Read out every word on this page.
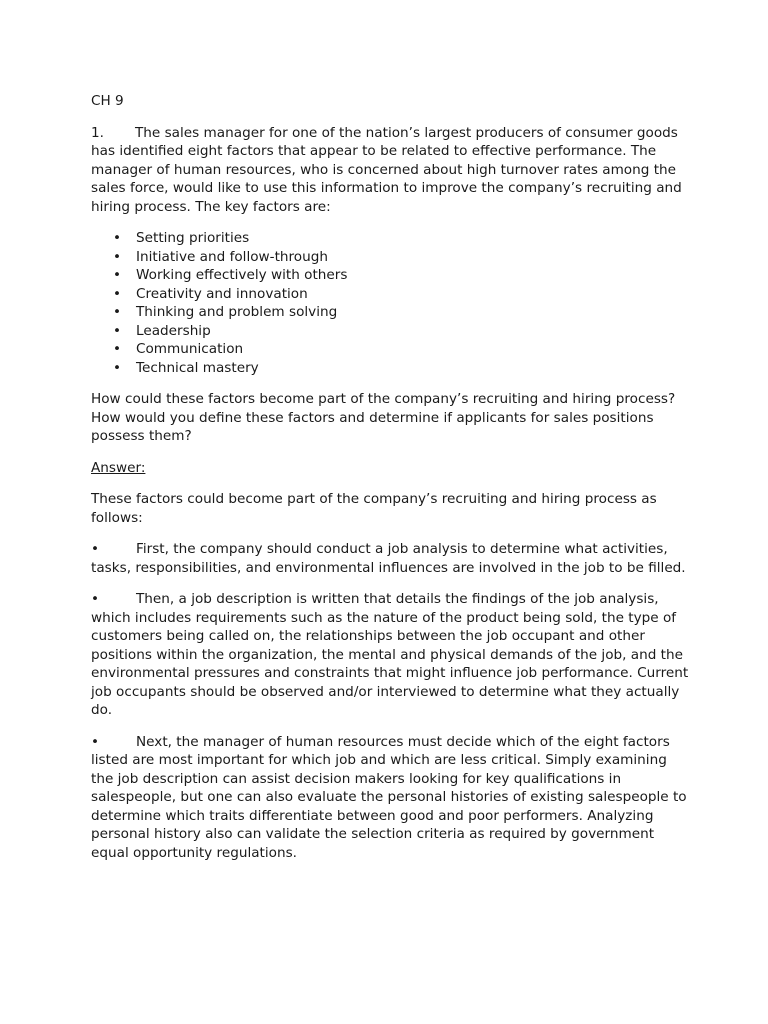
CH 9

1. The sales manager for one of the nation’s largest producers of consumer goods has identified eight factors that appear to be related to effective performance. The manager of human resources, who is concerned about high turnover rates among the sales force, would like to use this information to improve the company’s recruiting and hiring process. The key factors are:

• Setting priorities
• Initiative and follow-through
• Working effectively with others
• Creativity and innovation
• Thinking and problem solving
• Leadership
• Communication
• Technical mastery

How could these factors become part of the company’s recruiting and hiring process? How would you define these factors and determine if applicants for sales positions possess them?

Answer:

These factors could become part of the company’s recruiting and hiring process as follows:

•	First, the company should conduct a job analysis to determine what activities, tasks, responsibilities, and environmental influences are involved in the job to be filled.

•	Then, a job description is written that details the findings of the job analysis, which includes requirements such as the nature of the product being sold, the type of customers being called on, the relationships between the job occupant and other positions within the organization, the mental and physical demands of the job, and the environmental pressures and constraints that might influence job performance. Current job occupants should be observed and/or interviewed to determine what they actually do.

•	Next, the manager of human resources must decide which of the eight factors listed are most important for which job and which are less critical. Simply examining the job description can assist decision makers looking for key qualifications in salespeople, but one can also evaluate the personal histories of existing salespeople to determine which traits differentiate between good and poor performers. Analyzing personal history also can validate the selection criteria as required by government equal opportunity regulations.
